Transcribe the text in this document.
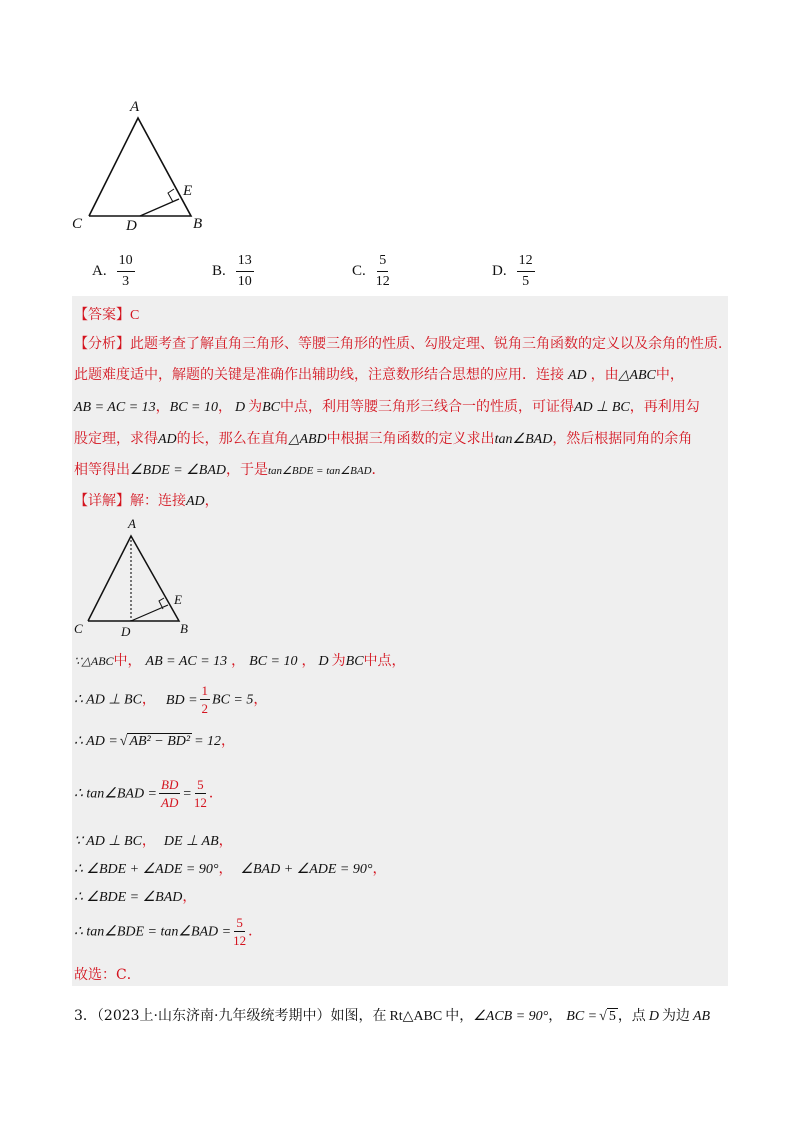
A
E
C	D	B
A. $\frac{10}{3}$	B. $\frac{13}{10}$	C. $\frac{5}{12}$	D. $\frac{12}{5}$
【答案】C
【分析】此题考查了解直角三角形、等腰三角形的性质、勾股定理、锐角三角函数的定义以及余角的性质．
此题难度适中，解题的关键是准确作出辅助线，注意数形结合思想的应用．连接 AD ，由△ABC中，
AB = AC = 13，BC = 10， D 为BC中点，利用等腰三角形三线合一的性质，可证得AD ⊥ BC，再利用勾
股定理，求得AD的长，那么在直角△ABD中根据三角函数的定义求出tan∠BAD，然后根据同角的余角
相等得出∠BDE = ∠BAD，于是tan∠BDE = tan∠BAD．
【详解】解：连接AD，
A
E
C	D	B
∵△ABC中， AB = AC = 13 ， BC = 10 ， D 为BC中点，
∴ AD ⊥ BC， BD = $\frac{1}{2}$ BC = 5，
∴ AD = √ AB² − BD² = 12，
∴ tan∠BAD = $\frac{BD}{AD} = \frac{5}{12}$ ．
∵ AD ⊥ BC， DE ⊥ AB，
∴ ∠BDE + ∠ADE = 90°， ∠BAD + ∠ADE = 90°，
∴ ∠BDE = ∠BAD，
∴ tan∠BDE = tan∠BAD = $\frac{5}{12}$ ．
故选：C．
3．（2023上·山东济南·九年级统考期中）如图，在 Rt△ABC 中，∠ACB = 90°， BC = √ 5 ，点 D 为边 AB
